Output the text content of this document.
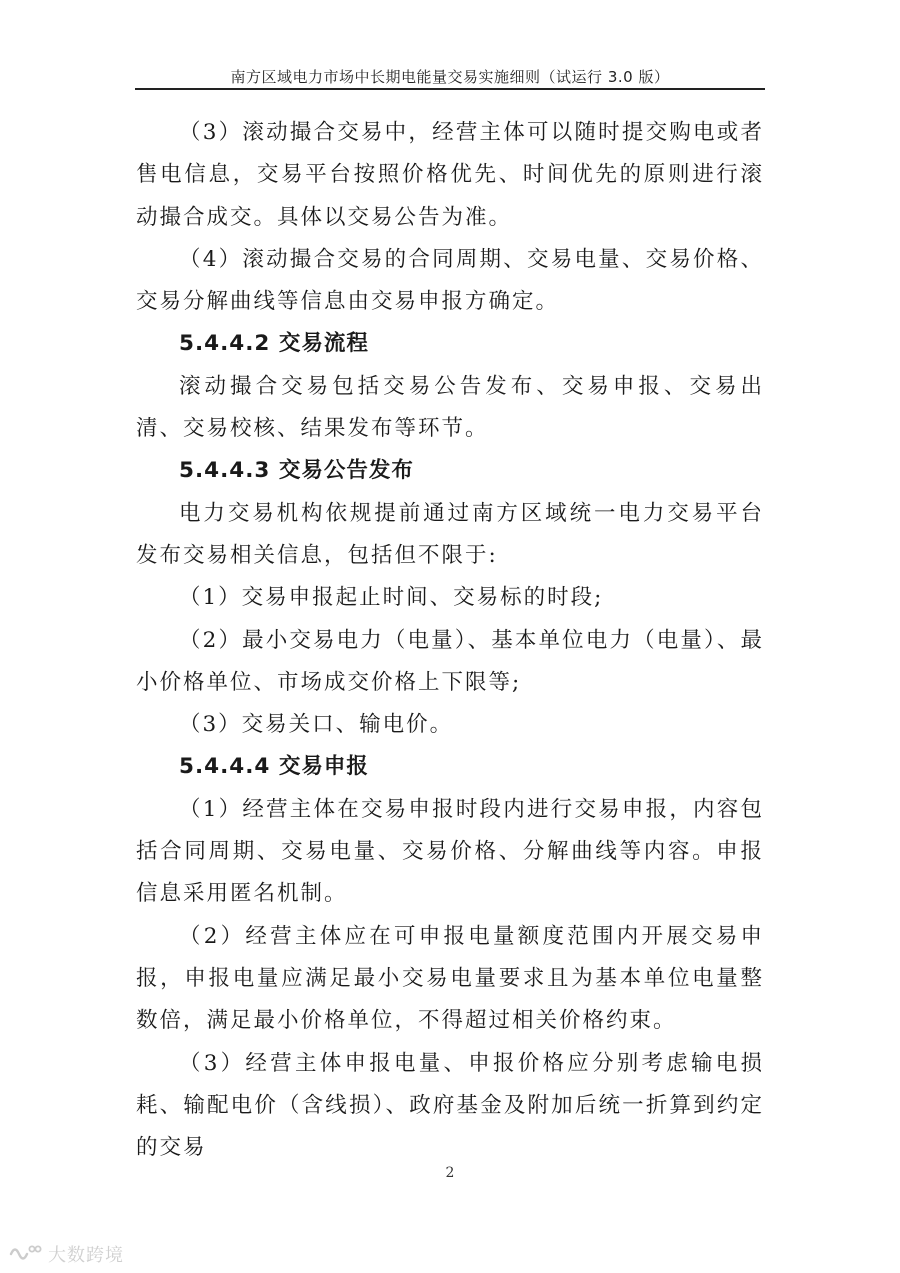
南方区域电力市场中长期电能量交易实施细则（试运行 3.0 版）

（3）滚动撮合交易中，经营主体可以随时提交购电或者售电信息，交易平台按照价格优先、时间优先的原则进行滚动撮合成交。具体以交易公告为准。

（4）滚动撮合交易的合同周期、交易电量、交易价格、交易分解曲线等信息由交易申报方确定。

5.4.4.2 交易流程

滚动撮合交易包括交易公告发布、交易申报、交易出清、交易校核、结果发布等环节。

5.4.4.3 交易公告发布

电力交易机构依规提前通过南方区域统一电力交易平台发布交易相关信息，包括但不限于:

（1）交易申报起止时间、交易标的时段;

（2）最小交易电力（电量）、基本单位电力（电量）、最小价格单位、市场成交价格上下限等;

（3）交易关口、输电价。

5.4.4.4 交易申报

（1）经营主体在交易申报时段内进行交易申报，内容包括合同周期、交易电量、交易价格、分解曲线等内容。申报信息采用匿名机制。

（2）经营主体应在可申报电量额度范围内开展交易申报，申报电量应满足最小交易电量要求且为基本单位电量整数倍，满足最小价格单位，不得超过相关价格约束。

（3）经营主体申报电量、申报价格应分别考虑输电损耗、输配电价（含线损）、政府基金及附加后统一折算到约定的交易

2
大数跨境
